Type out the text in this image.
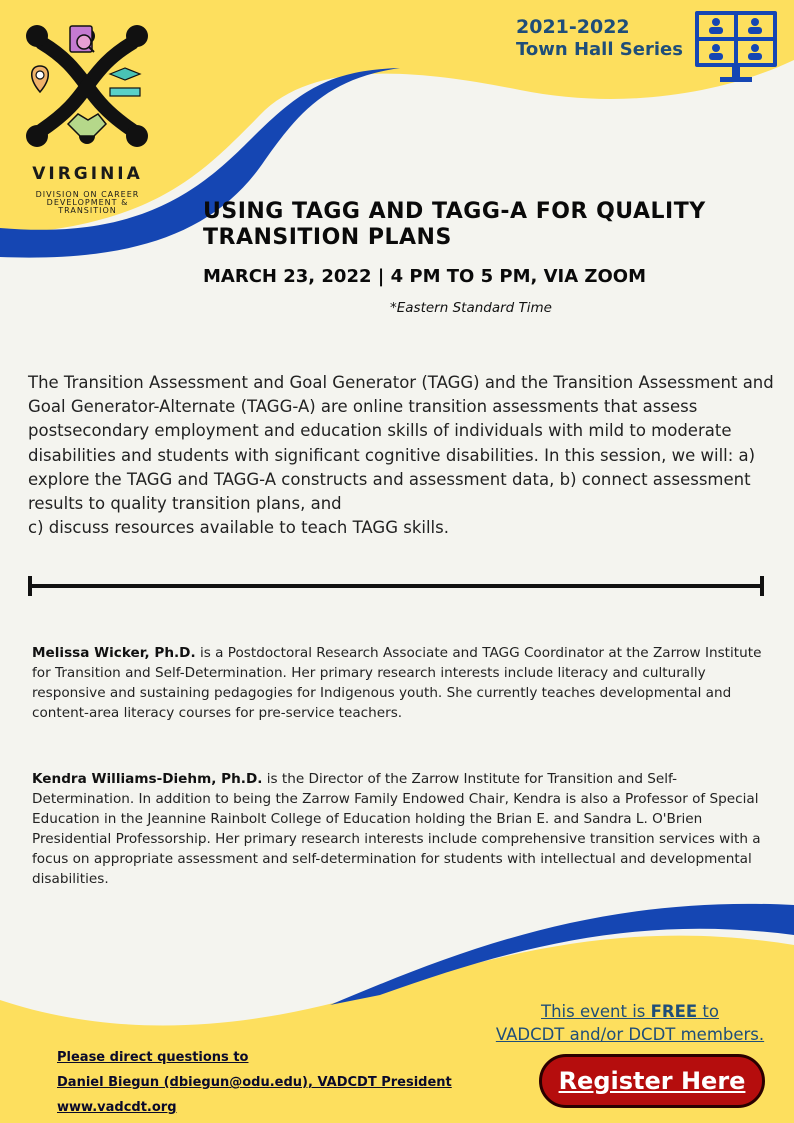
VIRGINIA
DIVISION ON CAREER
DEVELOPMENT &
TRANSITION
2021-2022
Town Hall Series
USING TAGG AND TAGG-A FOR QUALITY TRANSITION PLANS
MARCH 23, 2022 | 4 PM TO 5 PM, VIA ZOOM
*Eastern Standard Time

The Transition Assessment and Goal Generator (TAGG) and the Transition Assessment and Goal Generator-Alternate (TAGG-A) are online transition assessments that assess postsecondary employment and education skills of individuals with mild to moderate disabilities and students with significant cognitive disabilities. In this session, we will: a) explore the TAGG and TAGG-A constructs and assessment data, b) connect assessment results to quality transition plans, and

c) discuss resources available to teach TAGG skills.

Melissa Wicker, Ph.D. is a Postdoctoral Research Associate and TAGG Coordinator at the Zarrow Institute for Transition and Self-Determination. Her primary research interests include literacy and culturally responsive and sustaining pedagogies for Indigenous youth. She currently teaches developmental and content-area literacy courses for pre-service teachers.

Kendra Williams-Diehm, Ph.D. is the Director of the Zarrow Institute for Transition and Self-Determination. In addition to being the Zarrow Family Endowed Chair, Kendra is also a Professor of Special Education in the Jeannine Rainbolt College of Education holding the Brian E. and Sandra L. O'Brien Presidential Professorship. Her primary research interests include comprehensive transition services with a focus on appropriate assessment and self-determination for students with intellectual and developmental disabilities.

This event is FREE to
VADCDT and/or DCDT members.
Please direct questions to
Daniel Biegun (dbiegun@odu.edu), VADCDT President
www.vadcdt.org
Register Here
